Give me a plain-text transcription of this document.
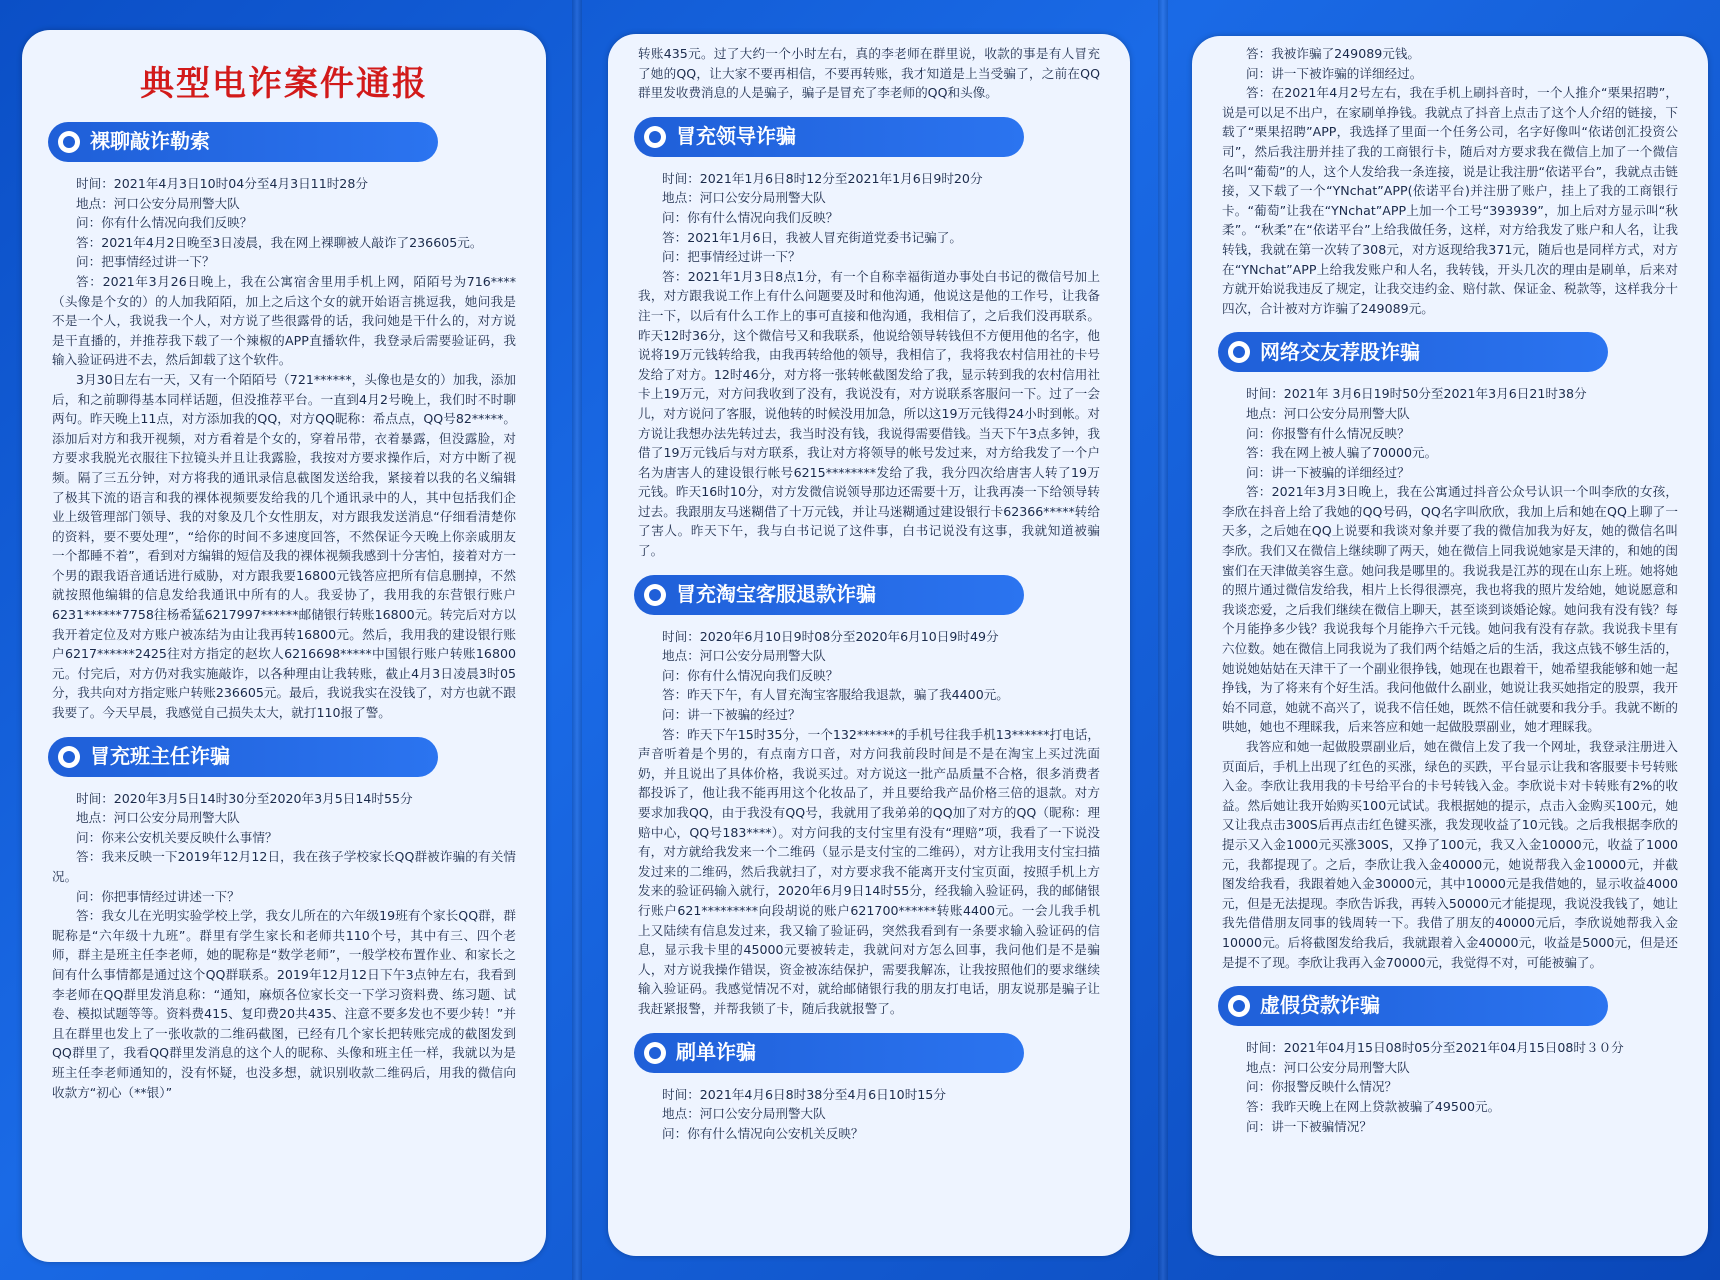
典型电诈案件通报
裸聊敲诈勒索
时间：2021年4月3日10时04分至4月3日11时28分
地点：河口公安分局刑警大队
问：你有什么情况向我们反映？

答：2021年4月2日晚至3日凌晨，我在网上裸聊被人敲诈了236605元。

问：把事情经过讲一下？

答：2021年3月26日晚上，我在公寓宿舍里用手机上网，陌陌号为716****（头像是个女的）的人加我陌陌，加上之后这个女的就开始语言挑逗我，她问我是不是一个人，我说我一个人，对方说了些很露骨的话，我问她是干什么的，对方说是干直播的，并推荐我下载了一个辣椒的APP直播软件，我登录后需要验证码，我输入验证码进不去，然后卸载了这个软件。

3月30日左右一天，又有一个陌陌号（721******，头像也是女的）加我，添加后，和之前聊得基本同样话题，但没推荐平台。一直到4月2号晚上，我们时不时聊两句。昨天晚上11点，对方添加我的QQ，对方QQ昵称：希点点，QQ号82*****。添加后对方和我开视频，对方看着是个女的，穿着吊带，衣着暴露，但没露脸，对方要求我脱光衣服往下拉镜头并且让我露脸，我按对方要求操作后，对方中断了视频。隔了三五分钟，对方将我的通讯录信息截图发送给我，紧接着以我的名义编辑了极其下流的语言和我的裸体视频要发给我的几个通讯录中的人，其中包括我们企业上级管理部门领导、我的对象及几个女性朋友，对方跟我发送消息“仔细看清楚你的资料，要不要处理”，“给你的时间不多速度回答，不然保证今天晚上你亲戚朋友一个都睡不着”，看到对方编辑的短信及我的裸体视频我感到十分害怕，接着对方一个男的跟我语音通话进行威胁，对方跟我要16800元钱答应把所有信息删掉，不然就按照他编辑的信息发给我通讯中所有的人。我妥协了，我用我的东营银行账户6231******7758往杨希猛6217997******邮储银行转账16800元。转完后对方以我开着定位及对方账户被冻结为由让我再转16800元。然后，我用我的建设银行账户6217******2425往对方指定的赵坎人6216698*****中国银行账户转账16800元。付完后，对方仍对我实施敲诈，以各种理由让我转账，截止4月3日凌晨3时05分，我共向对方指定账户转账236605元。最后，我说我实在没钱了，对方也就不跟我要了。今天早晨，我感觉自己损失太大，就打110报了警。

冒充班主任诈骗
时间：2020年3月5日14时30分至2020年3月5日14时55分
地点：河口公安分局刑警大队
问：你来公安机关要反映什么事情？

答：我来反映一下2019年12月12日，我在孩子学校家长QQ群被诈骗的有关情况。

问：你把事情经过讲述一下？

答：我女儿在光明实验学校上学，我女儿所在的六年级19班有个家长QQ群，群昵称是“六年级十九班”。群里有学生家长和老师共110个号，其中有三、四个老师，群主是班主任李老师，她的昵称是“数学老师”，一般学校布置作业、和家长之间有什么事情都是通过这个QQ群联系。2019年12月12日下午3点钟左右，我看到李老师在QQ群里发消息称：“通知，麻烦各位家长交一下学习资料费、练习题、试卷、模拟试题等等。资料费415、复印费20共435、注意不要多发也不要少转！”并且在群里也发上了一张收款的二维码截图，已经有几个家长把转账完成的截图发到QQ群里了，我看QQ群里发消息的这个人的昵称、头像和班主任一样，我就以为是班主任李老师通知的，没有怀疑，也没多想，就识别收款二维码后，用我的微信向收款方“初心（**银）”

转账435元。过了大约一个小时左右，真的李老师在群里说，收款的事是有人冒充了她的QQ，让大家不要再相信，不要再转账，我才知道是上当受骗了，之前在QQ群里发收费消息的人是骗子，骗子是冒充了李老师的QQ和头像。

冒充领导诈骗
时间：2021年1月6日8时12分至2021年1月6日9时20分
地点：河口公安分局刑警大队
问：你有什么情况向我们反映？
答：2021年1月6日，我被人冒充街道党委书记骗了。
问：把事情经过讲一下？

答：2021年1月3日8点1分，有一个自称幸福街道办事处白书记的微信号加上我，对方跟我说工作上有什么问题要及时和他沟通，他说这是他的工作号，让我备注一下，以后有什么工作上的事可直接和他沟通，我相信了，之后我们没再联系。昨天12时36分，这个微信号又和我联系，他说给领导转钱但不方便用他的名字，他说将19万元钱转给我，由我再转给他的领导，我相信了，我将我农村信用社的卡号发给了对方。12时46分，对方将一张转帐截图发给了我，显示转到我的农村信用社卡上19万元，对方问我收到了没有，我说没有，对方说联系客服问一下。过了一会儿，对方说问了客服，说他转的时候没用加急，所以这19万元钱得24小时到帐。对方说让我想办法先转过去，我当时没有钱，我说得需要借钱。当天下午3点多钟，我借了19万元钱后与对方联系，我让对方将领导的帐号发过来，对方给我发了一个户名为唐害人的建设银行帐号6215********发给了我，我分四次给唐害人转了19万元钱。昨天16时10分，对方发微信说领导那边还需要十万，让我再凑一下给领导转过去。我跟朋友马迷糊借了十万元钱，并让马迷糊通过建设银行卡62366*****转给了害人。昨天下午，我与白书记说了这件事，白书记说没有这事，我就知道被骗了。

冒充淘宝客服退款诈骗
时间：2020年6月10日9时08分至2020年6月10日9时49分
地点：河口公安分局刑警大队
问：你有什么情况向我们反映？
答：昨天下午，有人冒充淘宝客服给我退款，骗了我4400元。
问：讲一下被骗的经过？

答：昨天下午15时35分，一个132******的手机号往我手机13******打电话，声音听着是个男的，有点南方口音，对方问我前段时间是不是在淘宝上买过洗面奶，并且说出了具体价格，我说买过。对方说这一批产品质量不合格，很多消费者都投诉了，他让我不能再用这个化妆品了，并且要给我产品价格三倍的退款。对方要求加我QQ，由于我没有QQ号，我就用了我弟弟的QQ加了对方的QQ（昵称：理赔中心，QQ号183****）。对方问我的支付宝里有没有“理赔”项，我看了一下说没有，对方就给我发来一个二维码（显示是支付宝的二维码），对方让我用支付宝扫描发过来的二维码，然后我就扫了，对方要求我不能离开支付宝页面，按照手机上方发来的验证码输入就行，2020年6月9日14时55分，经我输入验证码，我的邮储银行账户621*********向段胡说的账户621700******转账4400元。一会儿我手机上又陆续有信息发过来，我又输了验证码，突然我看到有一条要求输入验证码的信息，显示我卡里的45000元要被转走，我就问对方怎么回事，我问他们是不是骗人，对方说我操作错误，资金被冻结保护，需要我解冻，让我按照他们的要求继续输入验证码。我感觉情况不对，就给邮储银行我的朋友打电话，朋友说那是骗子让我赶紧报警，并帮我锁了卡，随后我就报警了。

刷单诈骗
时间：2021年4月6日8时38分至4月6日10时15分
地点：河口公安分局刑警大队
问：你有什么情况向公安机关反映？
答：我被诈骗了249089元钱。
问：讲一下被诈骗的详细经过。

答：在2021年4月2号左右，我在手机上刷抖音时，一个人推介“栗果招聘”，说是可以足不出户，在家刷单挣钱。我就点了抖音上点击了这个人介绍的链接，下载了“栗果招聘”APP，我选择了里面一个任务公司，名字好像叫“依诺创汇投资公司”，然后我注册并挂了我的工商银行卡，随后对方要求我在微信上加了一个微信名叫“葡萄”的人，这个人发给我一条连接，说是让我注册“依诺平台”，我就点击链接，又下载了一个“YNchat”APP(依诺平台)并注册了账户，挂上了我的工商银行卡。“葡萄”让我在“YNchat”APP上加一个工号“393939”，加上后对方显示叫“秋柔”。“秋柔”在“依诺平台”上给我做任务，这样，对方给我发了账户和人名，让我转钱，我就在第一次转了308元，对方返现给我371元，随后也是同样方式，对方在“YNchat”APP上给我发账户和人名，我转钱，开头几次的理由是刷单，后来对方就开始说我违反了规定，让我交违约金、赔付款、保证金、税款等，这样我分十四次，合计被对方诈骗了249089元。

网络交友荐股诈骗
时间：2021年 3月6日19时50分至2021年3月6日21时38分
地点：河口公安分局刑警大队
问：你报警有什么情况反映？
答：我在网上被人骗了70000元。
问：讲一下被骗的详细经过？

答：2021年3月3日晚上，我在公寓通过抖音公众号认识一个叫李欣的女孩，李欣在抖音上给了我她的QQ号码，QQ名字叫欣欣，我加上后和她在QQ上聊了一天多，之后她在QQ上说要和我谈对象并要了我的微信加我为好友，她的微信名叫李欣。我们又在微信上继续聊了两天，她在微信上同我说她家是天津的，和她的闺蜜们在天津做美容生意。她问我是哪里的。我说我是江苏的现在山东上班。她将她的照片通过微信发给我，相片上长得很漂亮，我也将我的照片发给她，她说愿意和我谈恋爱，之后我们继续在微信上聊天，甚至谈到谈婚论嫁。她问我有没有钱？每个月能挣多少钱？我说我每个月能挣六千元钱。她问我有没有存款。我说我卡里有六位数。她在微信上同我说为了我们两个结婚之后的生活，我这点钱不够生活的，她说她姑姑在天津干了一个副业很挣钱，她现在也跟着干，她希望我能够和她一起挣钱，为了将来有个好生活。我问他做什么副业，她说让我买她指定的股票，我开始不同意，她就不高兴了，说我不信任她，既然不信任就要和我分手。我就不断的哄她，她也不理睬我，后来答应和她一起做股票副业，她才理睬我。

我答应和她一起做股票副业后，她在微信上发了我一个网址，我登录注册进入页面后，手机上出现了红色的买涨，绿色的买跌，平台显示让我和客服要卡号转账入金。李欣让我用我的卡号给平台的卡号转钱入金。李欣说卡对卡转账有2%的收益。然后她让我开始购买100元试试。我根据她的提示，点击入金购买100元，她又让我点击300S后再点击红色键买涨，我发现收益了10元钱。之后我根据李欣的提示又入金1000元买涨300S，又挣了100元，我又入金10000元，收益了1000元，我都提现了。之后，李欣让我入金40000元，她说帮我入金10000元，并截图发给我看，我跟着她入金30000元，其中10000元是我借她的，显示收益4000元，但是无法提现。李欣告诉我，再转入50000元才能提现，我说没我钱了，她让我先借借朋友同事的钱周转一下。我借了朋友的40000元后，李欣说她帮我入金10000元。后将截图发给我后，我就跟着入金40000元，收益是5000元，但是还是提不了现。李欣让我再入金70000元，我觉得不对，可能被骗了。

虚假贷款诈骗
时间：2021年04月15日08时05分至2021年04月15日08时３０分
地点：河口公安分局刑警大队
问：你报警反映什么情况？
答：我昨天晚上在网上贷款被骗了49500元。
问：讲一下被骗情况？
